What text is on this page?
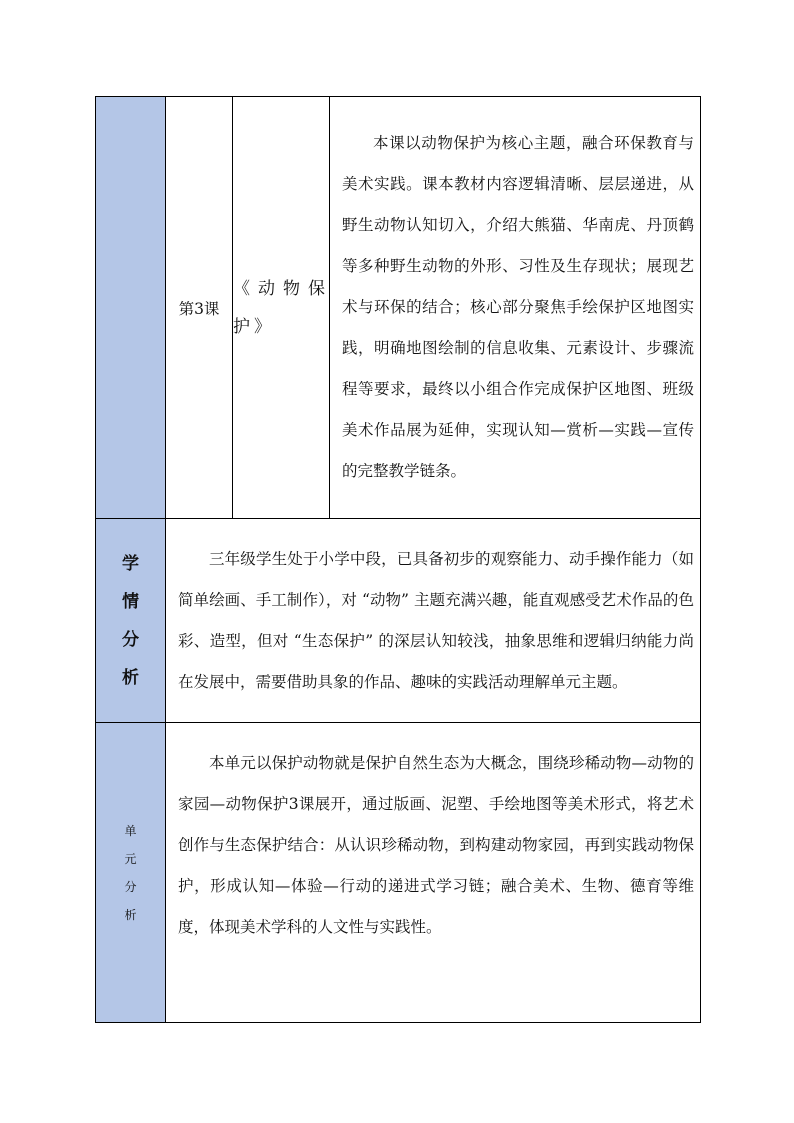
	第3课	《动物保护》	本课以动物保护为核心主题，融合环保教育与美术实践。课本教材内容逻辑清晰、层层递进，从野生动物认知切入，介绍大熊猫、华南虎、丹顶鹤等多种野生动物的外形、习性及生存现状；展现艺术与环保的结合；核心部分聚焦手绘保护区地图实践，明确地图绘制的信息收集、元素设计、步骤流程等要求，最终以小组合作完成保护区地图、班级美术作品展为延伸，实现认知—赏析—实践—宣传的完整教学链条。
学情分析	三年级学生处于小学中段，已具备初步的观察能力、动手操作能力（如简单绘画、手工制作），对 “动物” 主题充满兴趣，能直观感受艺术作品的色彩、造型，但对 “生态保护” 的深层认知较浅，抽象思维和逻辑归纳能力尚在发展中，需要借助具象的作品、趣味的实践活动理解单元主题。		
单元分析	本单元以保护动物就是保护自然生态为大概念，围绕珍稀动物—动物的家园—动物保护3课展开，通过版画、泥塑、手绘地图等美术形式，将艺术创作与生态保护结合：从认识珍稀动物，到构建动物家园，再到实践动物保护，形成认知—体验—行动的递进式学习链；融合美术、生物、德育等维度，体现美术学科的人文性与实践性。		
